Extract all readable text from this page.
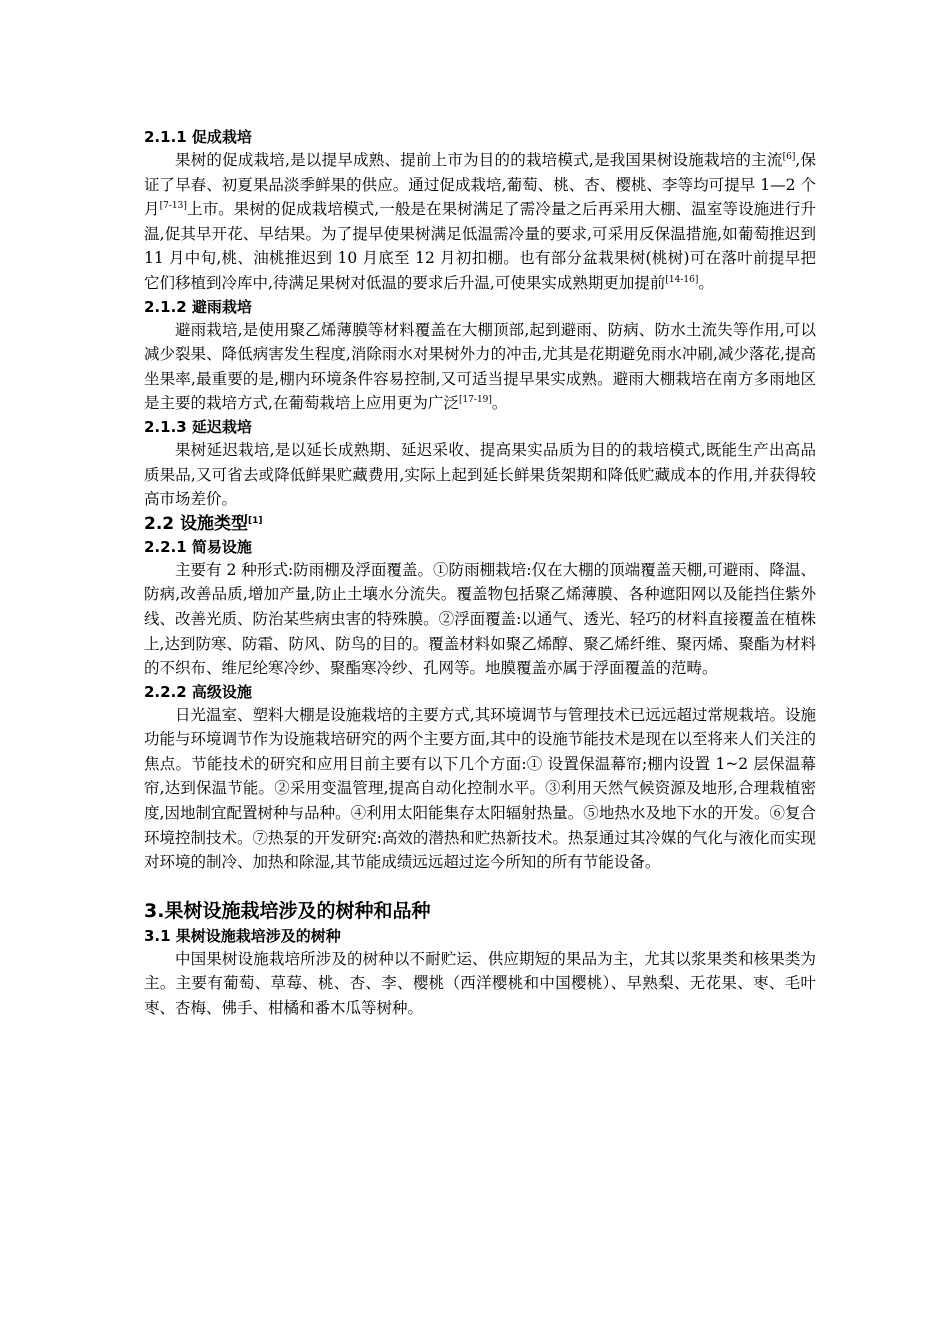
2.1.1 促成栽培

果树的促成栽培,是以提早成熟、提前上市为目的的栽培模式,是我国果树设施栽培的主流[6],保证了早春、初夏果品淡季鲜果的供应。通过促成栽培,葡萄、桃、杏、樱桃、李等均可提早 1—2 个月[7-13]上市。果树的促成栽培模式,一般是在果树满足了需冷量之后再采用大棚、温室等设施进行升温,促其早开花、早结果。为了提早使果树满足低温需冷量的要求,可采用反保温措施,如葡萄推迟到 11 月中旬,桃、油桃推迟到 10 月底至 12 月初扣棚。也有部分盆栽果树(桃树)可在落叶前提早把它们移植到冷库中,待满足果树对低温的要求后升温,可使果实成熟期更加提前[14-16]。

2.1.2 避雨栽培

避雨栽培,是使用聚乙烯薄膜等材料覆盖在大棚顶部,起到避雨、防病、防水土流失等作用,可以减少裂果、降低病害发生程度,消除雨水对果树外力的冲击,尤其是花期避免雨水冲刷,减少落花,提高坐果率,最重要的是,棚内环境条件容易控制,又可适当提早果实成熟。避雨大棚栽培在南方多雨地区是主要的栽培方式,在葡萄栽培上应用更为广泛[17-19]。

2.1.3 延迟栽培

果树延迟栽培,是以延长成熟期、延迟采收、提高果实品质为目的的栽培模式,既能生产出高品质果品,又可省去或降低鲜果贮藏费用,实际上起到延长鲜果货架期和降低贮藏成本的作用,并获得较高市场差价。

2.2 设施类型[1]
2.2.1 简易设施

主要有 2 种形式:防雨棚及浮面覆盖。①防雨棚栽培:仅在大棚的顶端覆盖天棚,可避雨、降温、防病,改善品质,增加产量,防止土壤水分流失。覆盖物包括聚乙烯薄膜、各种遮阳网以及能挡住紫外线、改善光质、防治某些病虫害的特殊膜。②浮面覆盖:以通气、透光、轻巧的材料直接覆盖在植株上,达到防寒、防霜、防风、防鸟的目的。覆盖材料如聚乙烯醇、聚乙烯纤维、聚丙烯、聚酯为材料的不织布、维尼纶寒冷纱、聚酯寒冷纱、孔网等。地膜覆盖亦属于浮面覆盖的范畴。

2.2.2 高级设施

日光温室、塑料大棚是设施栽培的主要方式,其环境调节与管理技术已远远超过常规栽培。设施功能与环境调节作为设施栽培研究的两个主要方面,其中的设施节能技术是现在以至将来人们关注的焦点。节能技术的研究和应用目前主要有以下几个方面:① 设置保温幕帘;棚内设置 1~2 层保温幕帘,达到保温节能。②采用变温管理,提高自动化控制水平。③利用天然气候资源及地形,合理栽植密度,因地制宜配置树种与品种。④利用太阳能集存太阳辐射热量。⑤地热水及地下水的开发。⑥复合环境控制技术。⑦热泵的开发研究:高效的潜热和贮热新技术。热泵通过其冷媒的气化与液化而实现对环境的制冷、加热和除湿,其节能成绩远远超过迄今所知的所有节能设备。

3.果树设施栽培涉及的树种和品种
3.1 果树设施栽培涉及的树种

中国果树设施栽培所涉及的树种以不耐贮运、供应期短的果品为主，尤其以浆果类和核果类为主。主要有葡萄、草莓、桃、杏、李、樱桃（西洋樱桃和中国樱桃）、早熟梨、无花果、枣、毛叶枣、杏梅、佛手、柑橘和番木瓜等树种。
